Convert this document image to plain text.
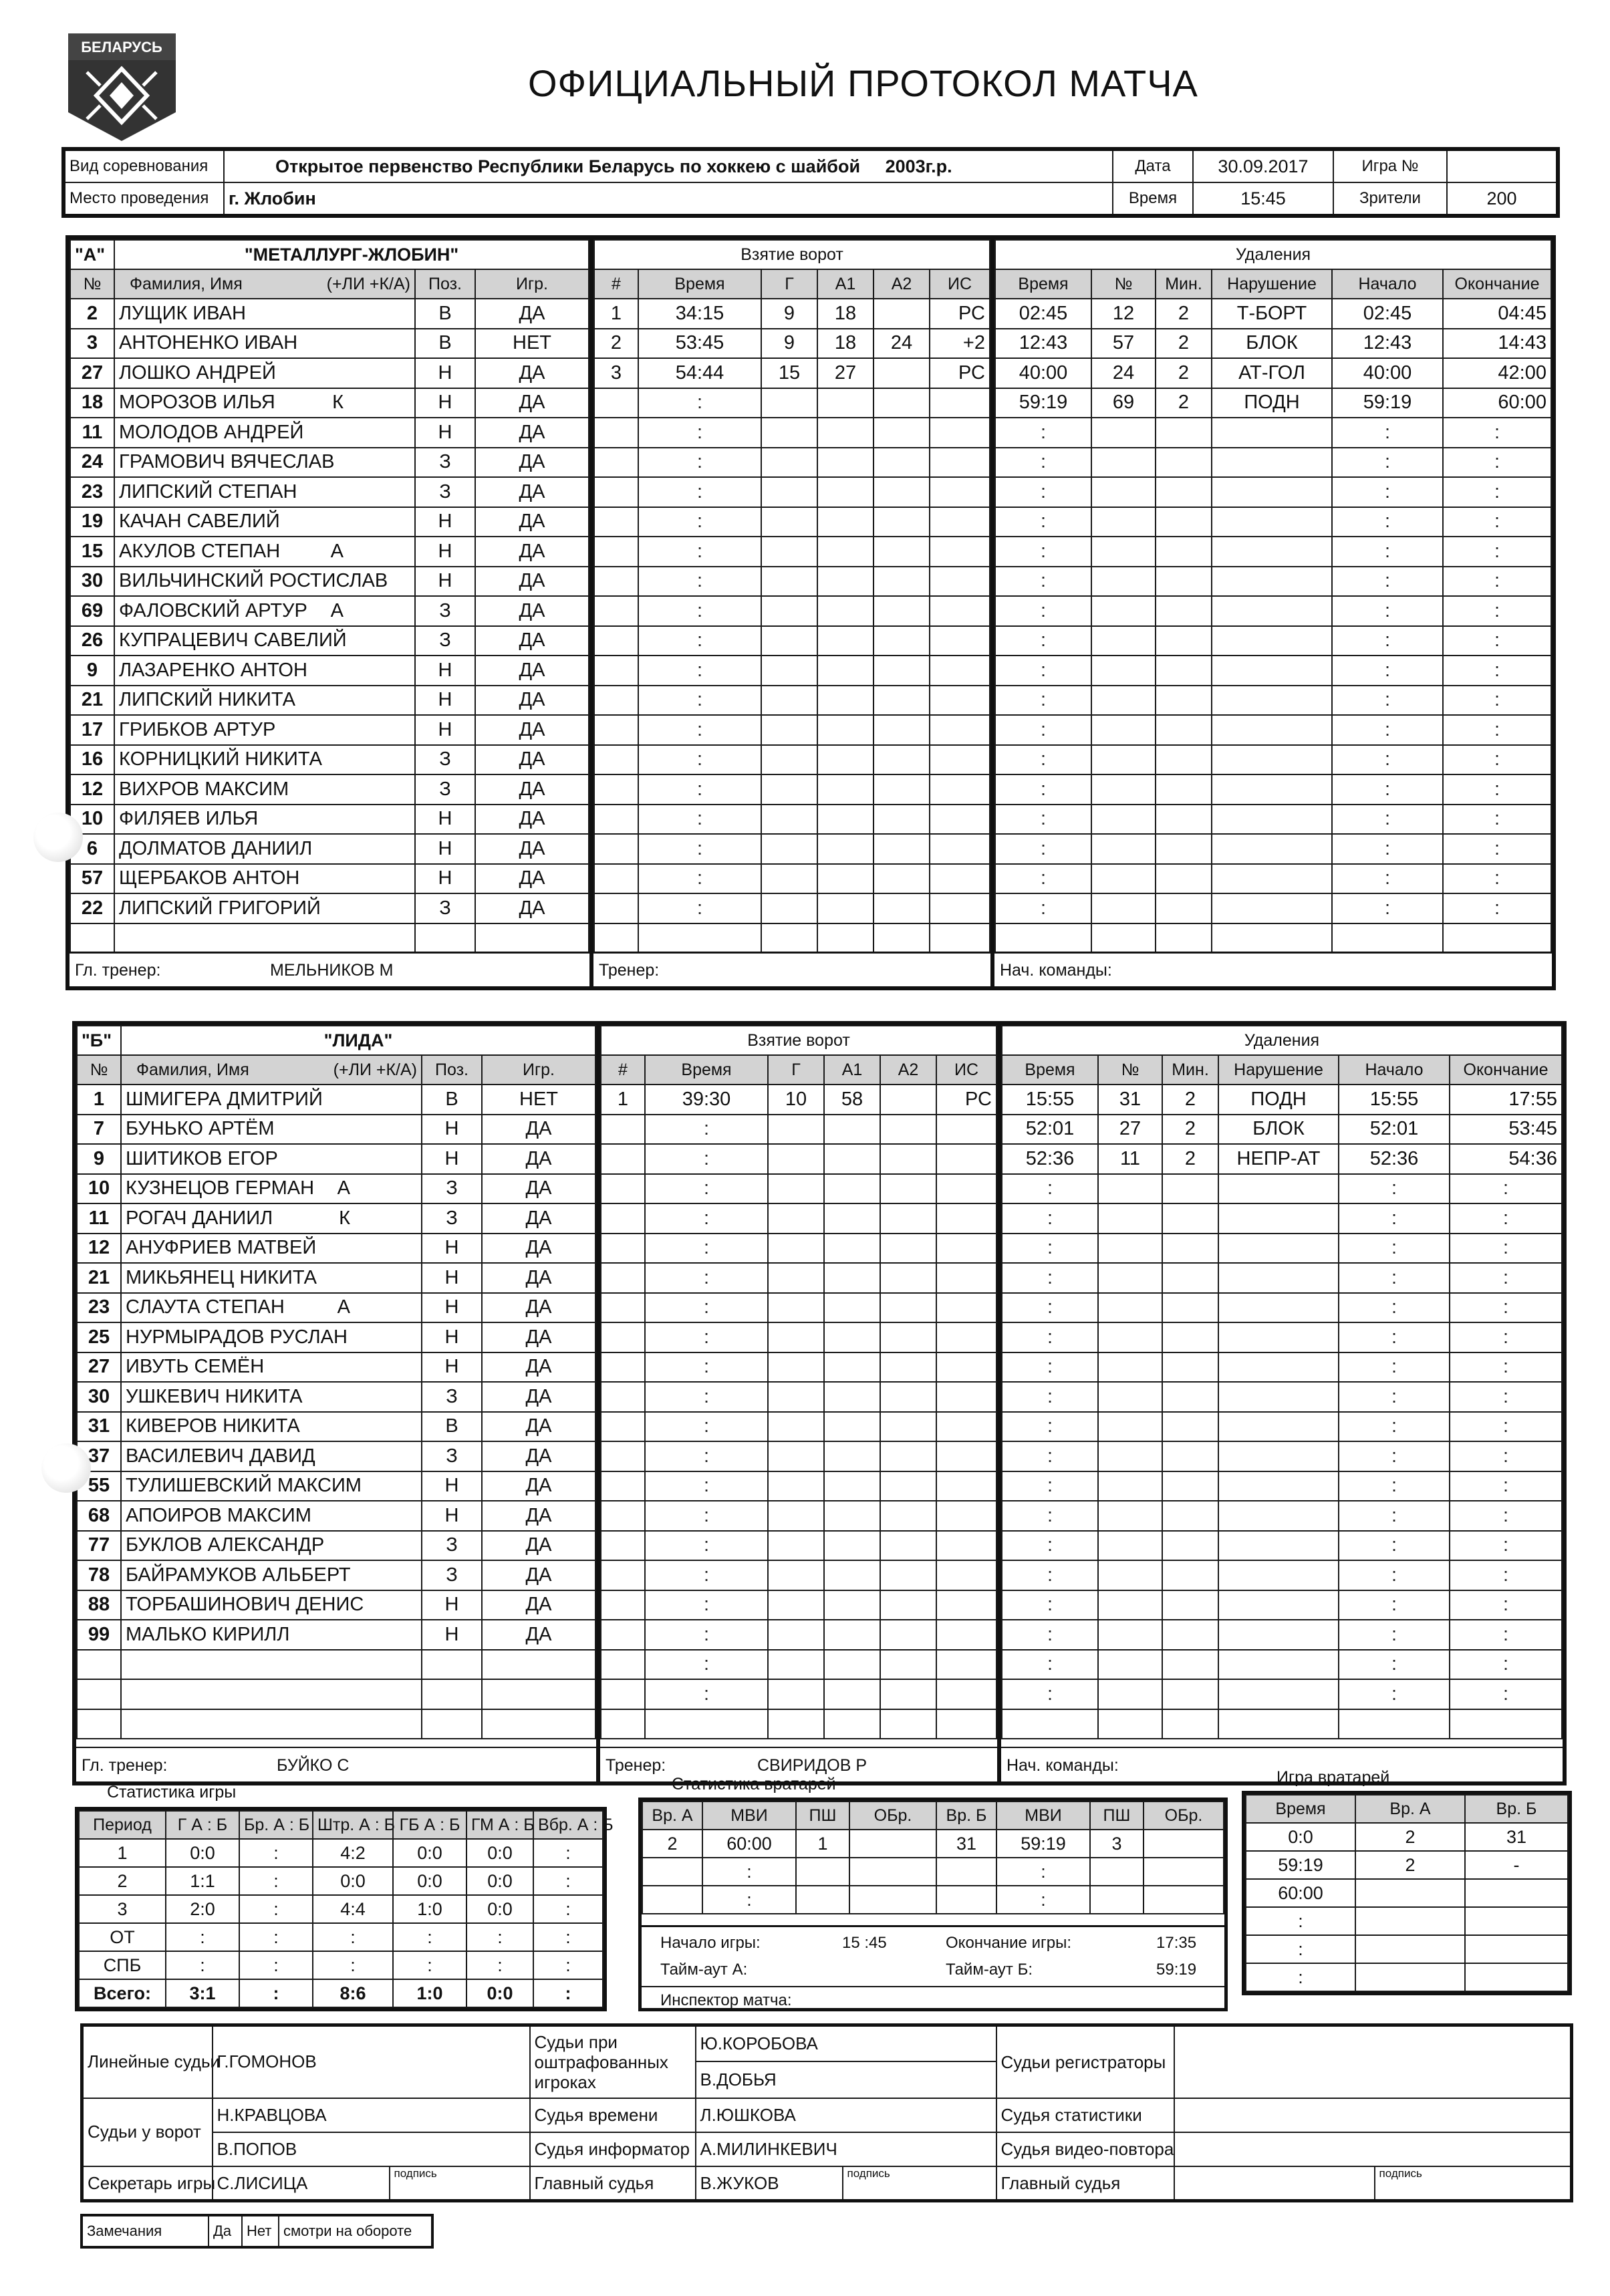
БЕЛАРУСЬ
ОФИЦИАЛЬНЫЙ ПРОТОКОЛ МАТЧА
Вид соревнования	Открытое первенство Республики Беларусь по хоккею с шайбой 2003г.р.	Дата	30.09.2017	Игра №	
Место проведения	г. Жлобин	Время	15:45	Зрители	200
"А"	"МЕТАЛЛУРГ-ЖЛОБИН"		
№	Фамилия, Имя (+ЛИ +К/А)	Поз.	Игр.
2	ЛУЩИК ИВАН	В	ДА
3	АНТОНЕНКО ИВАН	В	НЕТ
27	ЛОШКО АНДРЕЙ	Н	ДА
18	МОРОЗОВ ИЛЬЯ К	Н	ДА
11	МОЛОДОВ АНДРЕЙ	Н	ДА
24	ГРАМОВИЧ ВЯЧЕСЛАВ	З	ДА
23	ЛИПСКИЙ СТЕПАН	З	ДА
19	КАЧАН САВЕЛИЙ	Н	ДА
15	АКУЛОВ СТЕПАН А	Н	ДА
30	ВИЛЬЧИНСКИЙ РОСТИСЛАВ	Н	ДА
69	ФАЛОВСКИЙ АРТУР А	З	ДА
26	КУПРАЦЕВИЧ САВЕЛИЙ	З	ДА
9	ЛАЗАРЕНКО АНТОН	Н	ДА
21	ЛИПСКИЙ НИКИТА	Н	ДА
17	ГРИБКОВ АРТУР	Н	ДА
16	КОРНИЦКИЙ НИКИТА	З	ДА
12	ВИХРОВ МАКСИМ	З	ДА
10	ФИЛЯЕВ ИЛЬЯ	Н	ДА
6	ДОЛМАТОВ ДАНИИЛ	Н	ДА
57	ЩЕРБАКОВ АНТОН	Н	ДА
22	ЛИПСКИЙ ГРИГОРИЙ	З	ДА

Гл. тренер:	МЕЛЬНИКОВ М
Взятие ворот					
#	Время	Г	А1	А2	ИС
1	34:15	9	18		РС
2	53:45	9	18	24	+2
3	54:44	15	27		РС
	:				
	:				
	:				
	:				
	:				
	:				
	:				
	:				
	:				
	:				
	:				
	:				
	:				
	:				
	:				
	:				
	:				
	:				

Тренер:
Удаления					
Время	№	Мин.	Нарушение	Начало	Окончание
02:45	12	2	Т-БОРТ	02:45	04:45
12:43	57	2	БЛОК	12:43	14:43
40:00	24	2	АТ-ГОЛ	40:00	42:00
59:19	69	2	ПОДН	59:19	60:00
:				:	:
:				:	:
:				:	:
:				:	:
:				:	:
:				:	:
:				:	:
:				:	:
:				:	:
:				:	:
:				:	:
:				:	:
:				:	:
:				:	:
:				:	:
:				:	:
:				:	:

Нач. команды:
"Б"	"ЛИДА"		
№	Фамилия, Имя (+ЛИ +К/А)	Поз.	Игр.
1	ШМИГЕРА ДМИТРИЙ	В	НЕТ
7	БУНЬКО АРТЁМ	Н	ДА
9	ШИТИКОВ ЕГОР	Н	ДА
10	КУЗНЕЦОВ ГЕРМАН А	З	ДА
11	РОГАЧ ДАНИИЛ К	З	ДА
12	АНУФРИЕВ МАТВЕЙ	Н	ДА
21	МИКЬЯНЕЦ НИКИТА	Н	ДА
23	СЛАУТА СТЕПАН А	Н	ДА
25	НУРМЫРАДОВ РУСЛАН	Н	ДА
27	ИВУТЬ СЕМЁН	Н	ДА
30	УШКЕВИЧ НИКИТА	З	ДА
31	КИВЕРОВ НИКИТА	В	ДА
37	ВАСИЛЕВИЧ ДАВИД	З	ДА
55	ТУЛИШЕВСКИЙ МАКСИМ	Н	ДА
68	АПОИРОВ МАКСИМ	Н	ДА
77	БУКЛОВ АЛЕКСАНДР	З	ДА
78	БАЙРАМУКОВ АЛЬБЕРТ	З	ДА
88	ТОРБАШИНОВИЧ ДЕНИС	Н	ДА
99	МАЛЬКО КИРИЛЛ	Н	ДА

Гл. тренер:	БУЙКО С
Взятие ворот					
#	Время	Г	А1	А2	ИС
1	39:30	10	58		РС
	:				
	:				
	:				
	:				
	:				
	:				
	:				
	:				
	:				
	:				
	:				
	:				
	:				
	:				
	:				
	:				
	:				
	:				
	:				
	:				

Тренер:	СВИРИДОВ Р
Удаления					
Время	№	Мин.	Нарушение	Начало	Окончание
15:55	31	2	ПОДН	15:55	17:55
52:01	27	2	БЛОК	52:01	53:45
52:36	11	2	НЕПР-АТ	52:36	54:36
:				:	:
:				:	:
:				:	:
:				:	:
:				:	:
:				:	:
:				:	:
:				:	:
:				:	:
:				:	:
:				:	:
:				:	:
:				:	:
:				:	:
:				:	:
:				:	:
:				:	:
:				:	:

Нач. команды:
Статистика игры
Период	Г А : Б	Бр. А : Б	Штр. А : Б	ГБ А : Б	ГМ А : Б	Вбр. А : Б
1	0:0	:	4:2	0:0	0:0	:
2	1:1	:	0:0	0:0	0:0	:
3	2:0	:	4:4	1:0	0:0	:
ОТ	:	:	:	:	:	:
СПБ	:	:	:	:	:	:
Всего:	3:1	:	8:6	1:0	0:0	:
Статистика вратарей
Вр. А	МВИ	ПШ	ОБр.	Вр. Б	МВИ	ПШ	ОБр.
2	60:00	1		31	59:19	3	
	:				:		
	:				:		
Начало игры:	15 :45	Окончание игры:	17:35
Тайм-аут А:	Тайм-аут Б:	59:19
Инспектор матча:
Игра вратарей
Время	Вр. А	Вр. Б
0:0	2	31
59:19	2	-
60:00		
:		
:		
:		
Линейные судьи	Г.ГОМОНОВ		Судьи при оштрафованных игроках	Ю.КОРОБОВА		Судьи регистраторы		
				В.ДОБЬЯ				
Судьи у ворот	Н.КРАВЦОВА		Судья времени	Л.ЮШКОВА		Судья статистики		
	В.ПОПОВ		Судья информатор	А.МИЛИНКЕВИЧ		Судья видео-повтора		
Секретарь игры	С.ЛИСИЦА	подпись	Главный судья	В.ЖУКОВ	подпись	Главный судья		подпись
Замечания	Да	Нет	смотри на обороте
